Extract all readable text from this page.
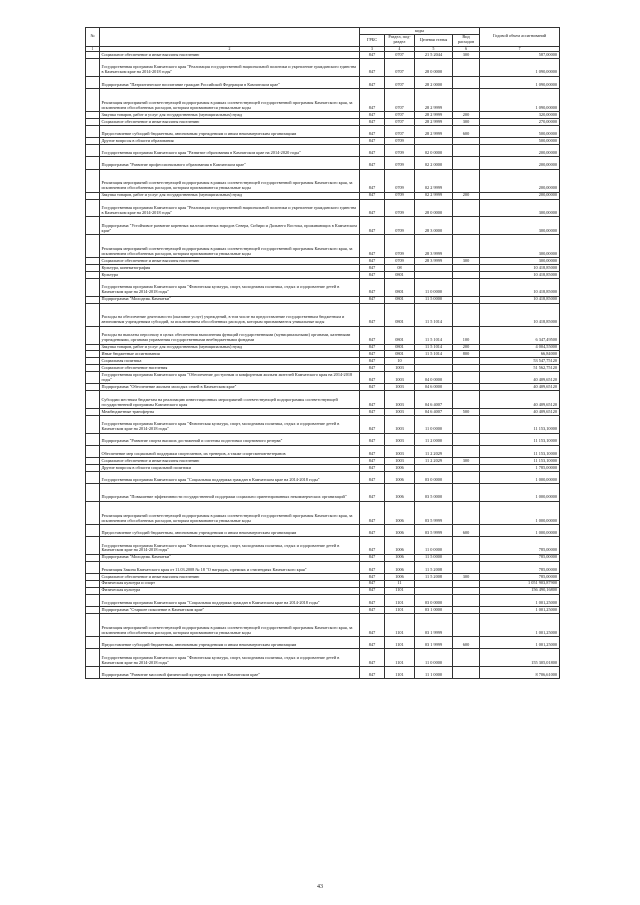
№		коды				Годовой объем ассигнований
		ГРБС	Раздел, под- раздел	Целевая статья	Вид расходов	
1	2	3	4	5	6	7
	Социальное обеспечение и иные выплаты населению	847	0707	21 5 2044	300	587,00000
	Государственная программа Камчатского края "Реализация государственной национальной политики и укрепление гражданского единства в Камчатском крае на 2014-2018 годы"	847	0707	28 0 0000		1 090,00000
	Подпрограмма "Патриотическое воспитание граждан Российской Федерации в Камчатском крае"	847	0707	28 2 0000		1 090,00000
	Реализация мероприятий соответствующей подпрограммы в рамках соответствующей государственной программы Камчатского края, за исключением обособленных расходов, которым присваиваются уникальные коды	847	0707	28 2 9999		1 090,00000
	Закупка товаров, работ и услуг для государственных (муниципальных) нужд	847	0707	28 2 9999	200	320,00000
	Социальное обеспечение и иные выплаты населению	847	0707	28 2 9999	300	270,00000
	Предоставление субсидий бюджетным, автономным учреждениям и иным некоммерческим организациям	847	0707	28 2 9999	600	500,00000
	Другие вопросы в области образования	847	0709			500,00000
	Государственная программа Камчатского края "Развитие образования в Камчатском крае на 2014-2020 годы"	847	0709	02 0 0000		200,00000
	Подпрограмма "Развитие профессионального образования в Камчатском крае"	847	0709	02 2 0000		200,00000
	Реализация мероприятий соответствующей подпрограммы в рамках соответствующей государственной программы Камчатского края, за исключением обособленных расходов, которым присваиваются уникальные коды	847	0709	02 2 9999		200,00000
	Закупка товаров, работ и услуг для государственных (муниципальных) нужд	847	0709	02 2 9999	200	200,00000
	Государственная программа Камчатского края "Реализация государственной национальной политики и укрепление гражданского единства в Камчатском крае на 2014-2018 годы"	847	0709	28 0 0000		300,00000
	Подпрограмма "Устойчивое развитие коренных малочисленных народов Севера, Сибири и Дальнего Востока, проживающих в Камчатском крае"	847	0709	28 3 0000		300,00000
	Реализация мероприятий соответствующей подпрограммы в рамках соответствующей государственной программы Камчатского края, за исключением обособленных расходов, которым присваиваются уникальные коды	847	0709	28 3 9999		300,00000
	Социальное обеспечение и иные выплаты населению	847	0709	28 3 9999	300	300,00000
	Культура, кинематография	847	08			10 418,85000
	Культура	847	0801			10 418,85000
	Государственная программа Камчатского края "Физическая культура, спорт, молодежная политика, отдых и оздоровление детей в Камчатском крае на 2014-2018 годы"	847	0801	11 0 0000		10 418,85000
	Подпрограмма "Молодежь Камчатки"	847	0801	11 5 0000		10 418,85000
	Расходы на обеспечение деятельности (оказание услуг) учреждений, в том числе на предоставление государственным бюджетным и автономным учреждениям субсидий, за исключением обособленных расходов, которым присваиваются уникальные коды	847	0801	11 5 1014		10 418,85000
	Расходы на выплаты персоналу в целях обеспечения выполнения функций государственными (муниципальными) органами, казенными учреждениями, органами управления государственными внебюджетными фондами	847	0801	11 5 1014	100	6 347,49500
	Закупка товаров, работ и услуг для государственных (муниципальных) нужд	847	0801	11 5 1014	200	4 004,55000
	Иные бюджетные ассигнования	847	0801	11 5 1014	800	66,84000
	Социальная политика	847	10			53 547,75120
	Социальное обеспечение населения	847	1003			51 562,75120
	Государственная программа Камчатского края "Обеспечение доступным и комфортным жильем жителей Камчатского края на 2014-2018 годы"	847	1003	04 0 0000		40 409,65120
	Подпрограмма "Обеспечение жильем молодых семей в Камчатском крае"	847	1003	04 6 0000		40 409,65120
	Субсидии местным бюджетам на реализацию инвестиционных мероприятий соответствующей подпрограммы соответствующей государственной программы Камчатского края	847	1003	04 6 4007		40 409,65120
	Межбюджетные трансферты	847	1003	04 6 4007	500	40 409,65120
	Государственная программа Камчатского края "Физическая культура, спорт, молодежная политика, отдых и оздоровление детей в Камчатском крае на 2014-2018 годы"	847	1003	11 0 0000		11 153,10000
	Подпрограмма "Развитие спорта высших достижений и системы подготовки спортивного резерва"	847	1003	11 2 0000		11 153,10000
	Обеспечение мер социальной поддержки спортсменов, их тренеров, а также спортсменов-ветеранов	847	1003	11 2 2029		11 153,10000
	Социальное обеспечение и иные выплаты населению	847	1003	11 2 2029	300	11 153,10000
	Другие вопросы в области социальной политики	847	1006			1 785,00000
	Государственная программа Камчатского края "Социальная поддержка граждан в Камчатском крае на 2014-2018 годы"	847	1006	03 0 0000		1 000,00000
	Подпрограмма "Повышение эффективности государственной поддержки социально ориентированных некоммерческих организаций"	847	1006	03 5 0000		1 000,00000
	Реализация мероприятий соответствующей подпрограммы в рамках соответствующей государственной программы Камчатского края, за исключением обособленных расходов, которым присваиваются уникальные коды	847	1006	03 5 9999		1 000,00000
	Предоставление субсидий бюджетным, автономным учреждениям и иным некоммерческим организациям	847	1006	03 5 9999	600	1 000,00000
	Государственная программа Камчатского края "Физическая культура, спорт, молодежная политика, отдых и оздоровление детей в Камчатском крае на 2014-2018 годы"	847	1006	11 0 0000		785,00000
	Подпрограмма "Молодежь Камчатки"	847	1006	11 5 0000		785,00000
	Реализация Закона Камчатского края от 11.03.2008 № 18 "О наградах, премиях и стипендиях Камчатского края"	847	1006	11 5 2008		785,00000
	Социальное обеспечение и иные выплаты населению	847	1006	11 5 2008	300	785,00000
	Физическая культура и спорт	847	11			1 051 903,87900
	Физическая культура	847	1101			156 490,16800
	Государственная программа Камчатского края "Социальная поддержка граждан в Камчатском крае на 2014-2018 годы"	847	1101	03 0 0000		1 001,25000
	Подпрограмма "Старшее поколение в Камчатском крае"	847	1101	03 1 0000		1 001,25000
	Реализация мероприятий соответствующей подпрограммы в рамках соответствующей государственной программы Камчатского края, за исключением обособленных расходов, которым присваиваются уникальные коды	847	1101	03 1 9999		1 001,25000
	Предоставление субсидий бюджетным, автономным учреждениям и иным некоммерческим организациям	847	1101	03 1 9999	600	1 001,25000
	Государственная программа Камчатского края "Физическая культура, спорт, молодежная политика, отдых и оздоровление детей в Камчатском крае на 2014-2018 годы"	847	1101	11 0 0000		155 305,01800
	Подпрограмма "Развитие массовой физической культуры и спорта в Камчатском крае"	847	1101	11 1 0000		8 706,61000
43
